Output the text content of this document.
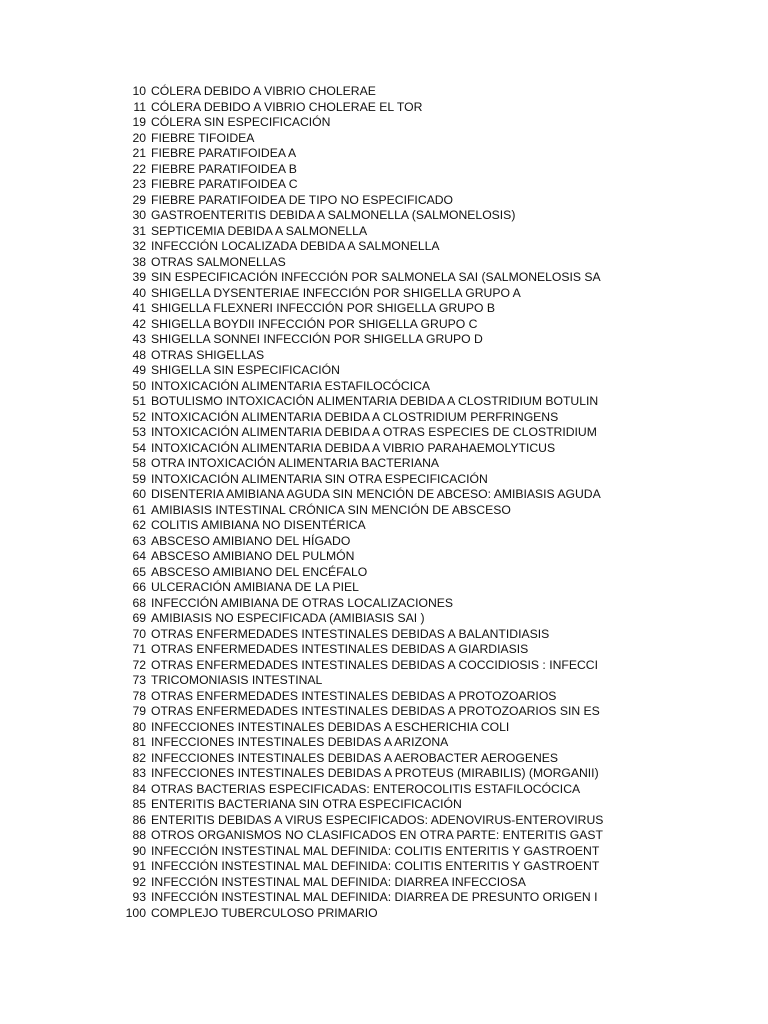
10 CÓLERA DEBIDO A VIBRIO CHOLERAE
11 CÓLERA DEBIDO A VIBRIO CHOLERAE EL TOR
19 CÓLERA SIN ESPECIFICACIÓN
20 FIEBRE TIFOIDEA
21 FIEBRE PARATIFOIDEA A
22 FIEBRE PARATIFOIDEA B
23 FIEBRE PARATIFOIDEA C
29 FIEBRE PARATIFOIDEA DE TIPO NO ESPECIFICADO
30 GASTROENTERITIS DEBIDA A SALMONELLA (SALMONELOSIS)
31 SEPTICEMIA DEBIDA A SALMONELLA
32 INFECCIÓN LOCALIZADA DEBIDA A SALMONELLA
38 OTRAS SALMONELLAS
39 SIN ESPECIFICACIÓN INFECCIÓN POR SALMONELA SAI (SALMONELOSIS SA
40 SHIGELLA DYSENTERIAE INFECCIÓN POR SHIGELLA GRUPO A
41 SHIGELLA FLEXNERI INFECCIÓN POR SHIGELLA GRUPO B
42 SHIGELLA BOYDII INFECCIÓN POR SHIGELLA GRUPO C
43 SHIGELLA SONNEI INFECCIÓN POR SHIGELLA GRUPO D
48 OTRAS SHIGELLAS
49 SHIGELLA SIN ESPECIFICACIÓN
50 INTOXICACIÓN ALIMENTARIA ESTAFILOCÓCICA
51 BOTULISMO INTOXICACIÓN ALIMENTARIA DEBIDA A CLOSTRIDIUM BOTULIN
52 INTOXICACIÓN ALIMENTARIA DEBIDA A CLOSTRIDIUM PERFRINGENS
53 INTOXICACIÓN ALIMENTARIA DEBIDA A OTRAS ESPECIES DE CLOSTRIDIUM
54 INTOXICACIÓN ALIMENTARIA DEBIDA A VIBRIO PARAHAEMOLYTICUS
58 OTRA INTOXICACIÓN ALIMENTARIA BACTERIANA
59 INTOXICACIÓN ALIMENTARIA SIN OTRA ESPECIFICACIÓN
60 DISENTERIA AMIBIANA AGUDA SIN MENCIÓN DE ABCESO: AMIBIASIS AGUDA
61 AMIBIASIS INTESTINAL CRÓNICA SIN MENCIÓN DE ABSCESO
62 COLITIS AMIBIANA NO DISENTÉRICA
63 ABSCESO AMIBIANO DEL HÍGADO
64 ABSCESO AMIBIANO DEL PULMÓN
65 ABSCESO AMIBIANO DEL ENCÉFALO
66 ULCERACIÓN AMIBIANA DE LA PIEL
68 INFECCIÓN AMIBIANA DE OTRAS LOCALIZACIONES
69 AMIBIASIS NO ESPECIFICADA (AMIBIASIS SAI )
70 OTRAS ENFERMEDADES INTESTINALES DEBIDAS A BALANTIDIASIS
71 OTRAS ENFERMEDADES INTESTINALES DEBIDAS A GIARDIASIS
72 OTRAS ENFERMEDADES INTESTINALES DEBIDAS A COCCIDIOSIS : INFECCI
73 TRICOMONIASIS INTESTINAL
78 OTRAS ENFERMEDADES INTESTINALES DEBIDAS A PROTOZOARIOS
79 OTRAS ENFERMEDADES INTESTINALES DEBIDAS A PROTOZOARIOS SIN ES
80 INFECCIONES INTESTINALES DEBIDAS A ESCHERICHIA COLI
81 INFECCIONES INTESTINALES DEBIDAS A ARIZONA
82 INFECCIONES INTESTINALES DEBIDAS A AEROBACTER AEROGENES
83 INFECCIONES INTESTINALES DEBIDAS A PROTEUS (MIRABILIS) (MORGANII)
84 OTRAS BACTERIAS ESPECIFICADAS: ENTEROCOLITIS ESTAFILOCÓCICA
85 ENTERITIS BACTERIANA SIN OTRA ESPECIFICACIÓN
86 ENTERITIS DEBIDAS A VIRUS ESPECIFICADOS: ADENOVIRUS-ENTEROVIRUS
88 OTROS ORGANISMOS NO CLASIFICADOS EN OTRA PARTE: ENTERITIS GAST
90 INFECCIÓN INSTESTINAL MAL DEFINIDA: COLITIS ENTERITIS Y GASTROENT
91 INFECCIÓN INSTESTINAL MAL DEFINIDA: COLITIS ENTERITIS Y GASTROENT
92 INFECCIÓN INSTESTINAL MAL DEFINIDA: DIARREA INFECCIOSA
93 INFECCIÓN INSTESTINAL MAL DEFINIDA: DIARREA DE PRESUNTO ORIGEN I
100 COMPLEJO TUBERCULOSO PRIMARIO
